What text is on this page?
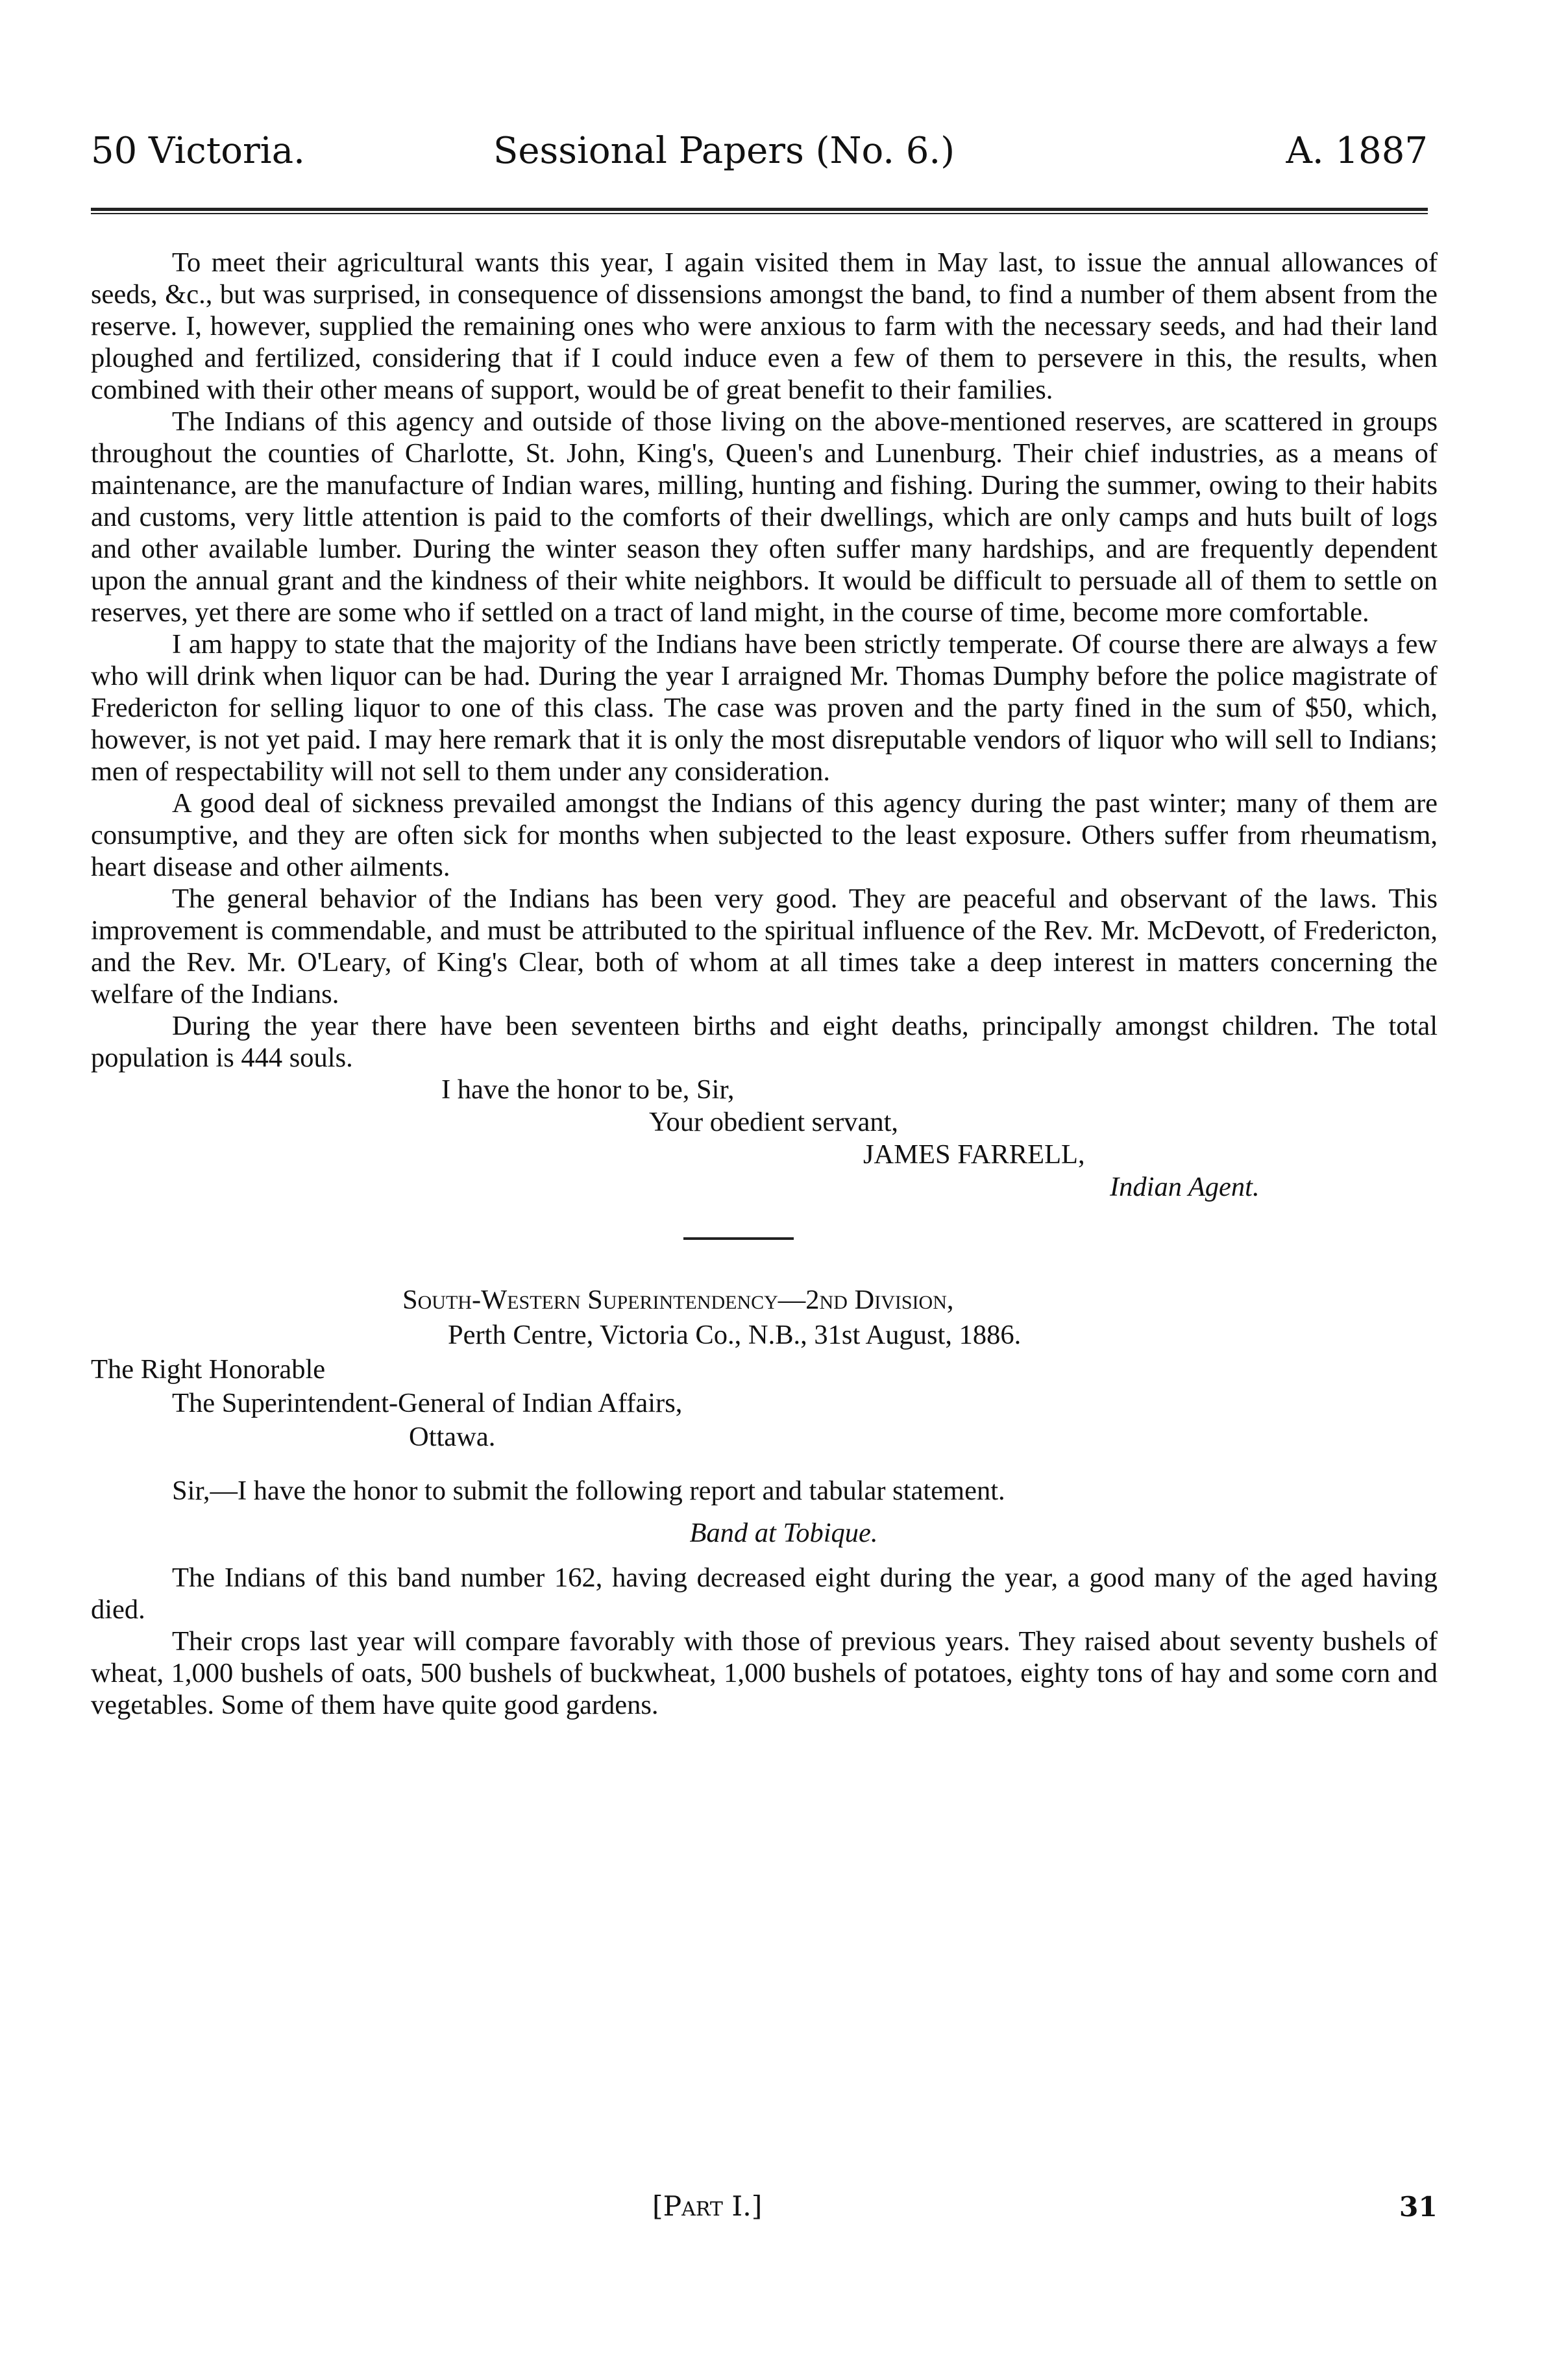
50 Victoria.	Sessional Papers (No. 6.)	A. 1887

To meet their agricultural wants this year, I again visited them in May last, to issue the annual allowances of seeds, &c., but was surprised, in consequence of dissensions amongst the band, to find a number of them absent from the reserve. I, however, supplied the remaining ones who were anxious to farm with the necessary seeds, and had their land ploughed and fertilized, considering that if I could induce even a few of them to persevere in this, the results, when combined with their other means of support, would be of great benefit to their families.

The Indians of this agency and outside of those living on the above-mentioned reserves, are scattered in groups throughout the counties of Charlotte, St. John, King's, Queen's and Lunenburg. Their chief industries, as a means of maintenance, are the manufacture of Indian wares, milling, hunting and fishing. During the summer, owing to their habits and customs, very little attention is paid to the comforts of their dwellings, which are only camps and huts built of logs and other available lumber. During the winter season they often suffer many hardships, and are frequently dependent upon the annual grant and the kindness of their white neighbors. It would be difficult to persuade all of them to settle on reserves, yet there are some who if settled on a tract of land might, in the course of time, become more comfortable.

I am happy to state that the majority of the Indians have been strictly temperate. Of course there are always a few who will drink when liquor can be had. During the year I arraigned Mr. Thomas Dumphy before the police magistrate of Fredericton for selling liquor to one of this class. The case was proven and the party fined in the sum of $50, which, however, is not yet paid. I may here remark that it is only the most disreputable vendors of liquor who will sell to Indians; men of respectability will not sell to them under any consideration.

A good deal of sickness prevailed amongst the Indians of this agency during the past winter; many of them are consumptive, and they are often sick for months when subjected to the least exposure. Others suffer from rheumatism, heart disease and other ailments.

The general behavior of the Indians has been very good. They are peaceful and observant of the laws. This improvement is commendable, and must be attributed to the spiritual influence of the Rev. Mr. McDevott, of Fredericton, and the Rev. Mr. O'Leary, of King's Clear, both of whom at all times take a deep interest in matters concerning the welfare of the Indians.

During the year there have been seventeen births and eight deaths, principally amongst children. The total population is 444 souls.

I have the honor to be, Sir,
Your obedient servant,
JAMES FARRELL,
Indian Agent.
South-Western Superintendency—2nd Division,
Perth Centre, Victoria Co., N.B., 31st August, 1886.
The Right Honorable
The Superintendent-General of Indian Affairs,
Ottawa.
Sir,—I have the honor to submit the following report and tabular statement.
Band at Tobique.

The Indians of this band number 162, having decreased eight during the year, a good many of the aged having died.

Their crops last year will compare favorably with those of previous years. They raised about seventy bushels of wheat, 1,000 bushels of oats, 500 bushels of buckwheat, 1,000 bushels of potatoes, eighty tons of hay and some corn and vegetables. Some of them have quite good gardens.

[Part I.]	31
